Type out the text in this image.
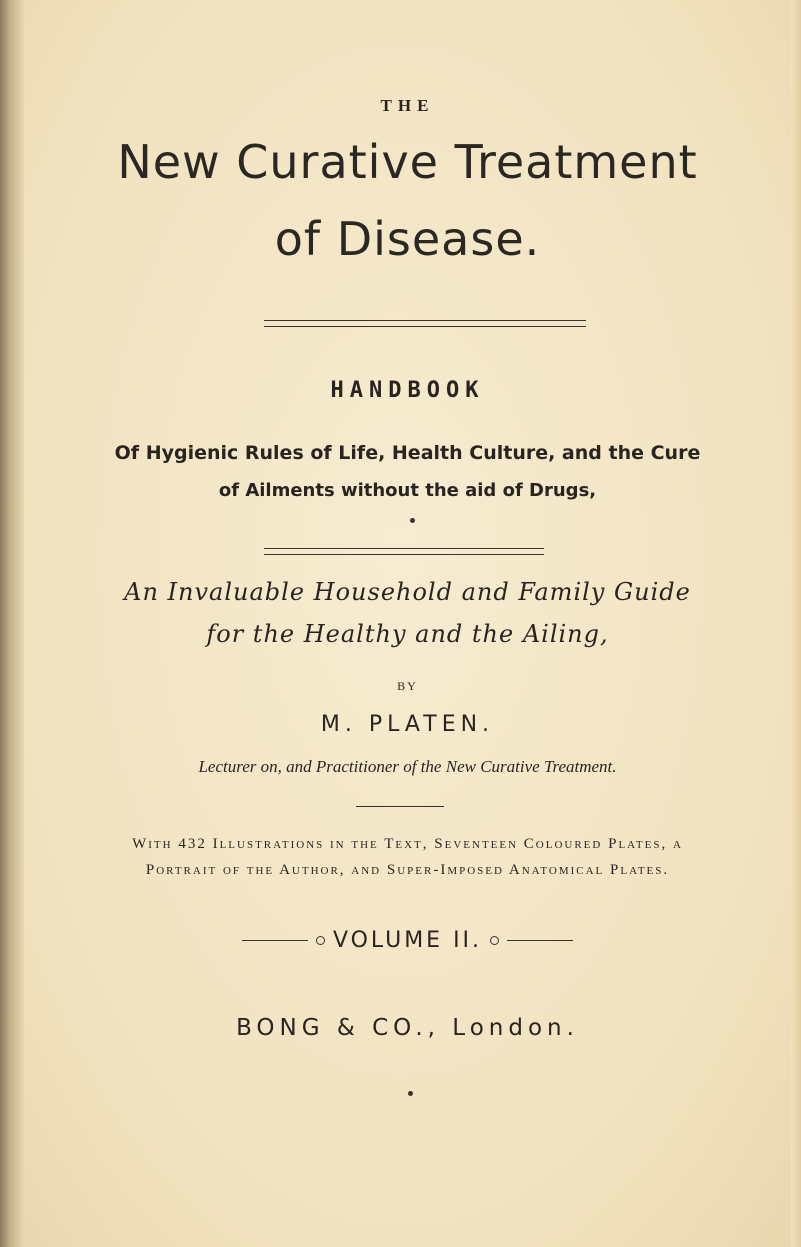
THE
New Curative Treatment
of Disease.
HANDBOOK
Of Hygienic Rules of Life, Health Culture, and the Cure
of Ailments without the aid of Drugs,
An Invaluable Household and Family Guide
for the Healthy and the Ailing,
BY
M. PLATEN.
Lecturer on, and Practitioner of the New Curative Treatment.
With 432 Illustrations in the Text, Seventeen Coloured Plates, a
Portrait of the Author, and Super-Imposed Anatomical Plates.
VOLUME II.
BONG & CO., London.
